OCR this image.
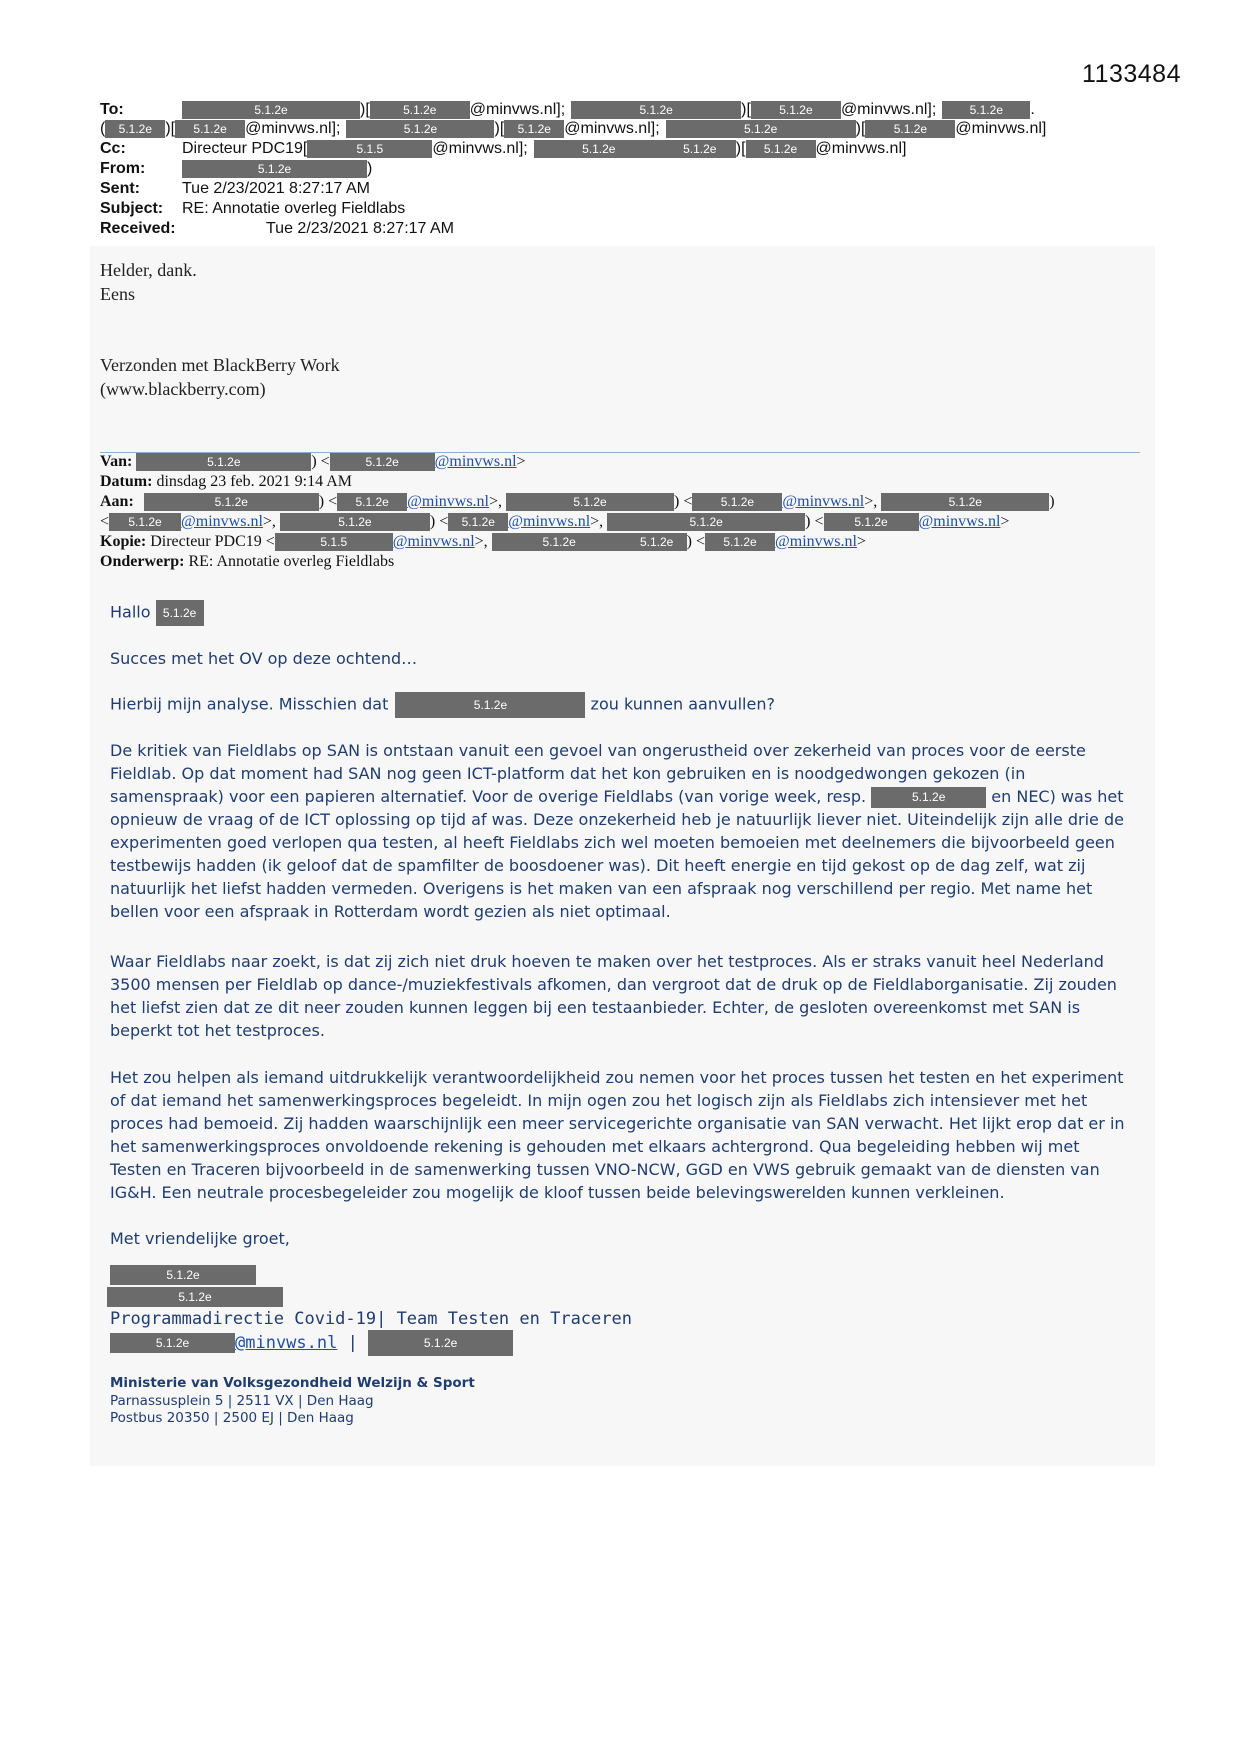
1133484
To:	5.1.2e	)[	5.1.2e @minvws.nl];	5.1.2e	)[ 5.1.2e @minvws.nl];	5.1.2e .
( 5.1.2e )[ 5.1.2e @minvws.nl];	5.1.2e	)[ 5.1.2e @minvws.nl];	5.1.2e	)[ 5.1.2e @minvws.nl]
Cc:	Directeur PDC19[	5.1.5	@minvws.nl];	5.1.2e	5.1.2e )[ 5.1.2e @minvws.nl]
From:	5.1.2e	)
Sent:	Tue 2/23/2021 8:27:17 AM
Subject: RE: Annotatie overleg Fieldlabs
Received:	Tue 2/23/2021 8:27:17 AM
Helder, dank.
Eens
Verzonden met BlackBerry Work
(www.blackberry.com)
Van:	5.1.2e	) <	5.1.2e @minvws.nl>
Datum: dinsdag 23 feb. 2021 9:14 AM
Aan:	5.1.2e	) < 5.1.2e @minvws.nl>,	5.1.2e	) < 5.1.2e @minvws.nl>,	5.1.2e	)
< 5.1.2e @minvws.nl>,	5.1.2e	) < 5.1.2e @minvws.nl>,	5.1.2e	) <	5.1.2e @minvws.nl>
Kopie: Directeur PDC19 <	5.1.5	@minvws.nl>,	5.1.2e	5.1.2e ) < 5.1.2e @minvws.nl>
Onderwerp: RE: Annotatie overleg Fieldlabs
Hallo 5.1.2e
Succes met het OV op deze ochtend…
Hierbij mijn analyse. Misschien dat	5.1.2e	zou kunnen aanvullen?

De kritiek van Fieldlabs op SAN is ontstaan vanuit een gevoel van ongerustheid over zekerheid van proces voor de eerste Fieldlab. Op dat moment had SAN nog geen ICT-platform dat het kon gebruiken en is noodgedwongen gekozen (in samenspraak) voor een papieren alternatief. Voor de overige Fieldlabs (van vorige week, resp.	5.1.2e	en NEC) was het opnieuw de vraag of de ICT oplossing op tijd af was. Deze onzekerheid heb je natuurlijk liever niet. Uiteindelijk zijn alle drie de experimenten goed verlopen qua testen, al heeft Fieldlabs zich wel moeten bemoeien met deelnemers die bijvoorbeeld geen testbewijs hadden (ik geloof dat de spamfilter de boosdoener was). Dit heeft energie en tijd gekost op de dag zelf, wat zij natuurlijk het liefst hadden vermeden. Overigens is het maken van een afspraak nog verschillend per regio. Met name het bellen voor een afspraak in Rotterdam wordt gezien als niet optimaal.

Waar Fieldlabs naar zoekt, is dat zij zich niet druk hoeven te maken over het testproces. Als er straks vanuit heel Nederland 3500 mensen per Fieldlab op dance-/muziekfestivals afkomen, dan vergroot dat de druk op de Fieldlaborganisatie. Zij zouden het liefst zien dat ze dit neer zouden kunnen leggen bij een testaanbieder. Echter, de gesloten overeenkomst met SAN is beperkt tot het testproces.
Het zou helpen als iemand uitdrukkelijk verantwoordelijkheid zou nemen voor het proces tussen het testen en het experiment of dat iemand het samenwerkingsproces begeleidt. In mijn ogen zou het logisch zijn als Fieldlabs zich intensiever met het proces had bemoeid. Zij hadden waarschijnlijk een meer servicegerichte organisatie van SAN verwacht. Het lijkt erop dat er in het samenwerkingsproces onvoldoende rekening is gehouden met elkaars achtergrond. Qua begeleiding hebben wij met Testen en Traceren bijvoorbeeld in de samenwerking tussen VNO-NCW, GGD en VWS gebruik gemaakt van de diensten van IG&H. Een neutrale procesbegeleider zou mogelijk de kloof tussen beide belevingswerelden kunnen verkleinen.
Met vriendelijke groet,
5.1.2e
5.1.2e
Programmadirectie Covid-19| Team Testen en Traceren
5.1.2e	@minvws.nl |	5.1.2e
Ministerie van Volksgezondheid Welzijn & Sport
Parnassusplein 5 | 2511 VX | Den Haag
Postbus 20350 | 2500 EJ | Den Haag
